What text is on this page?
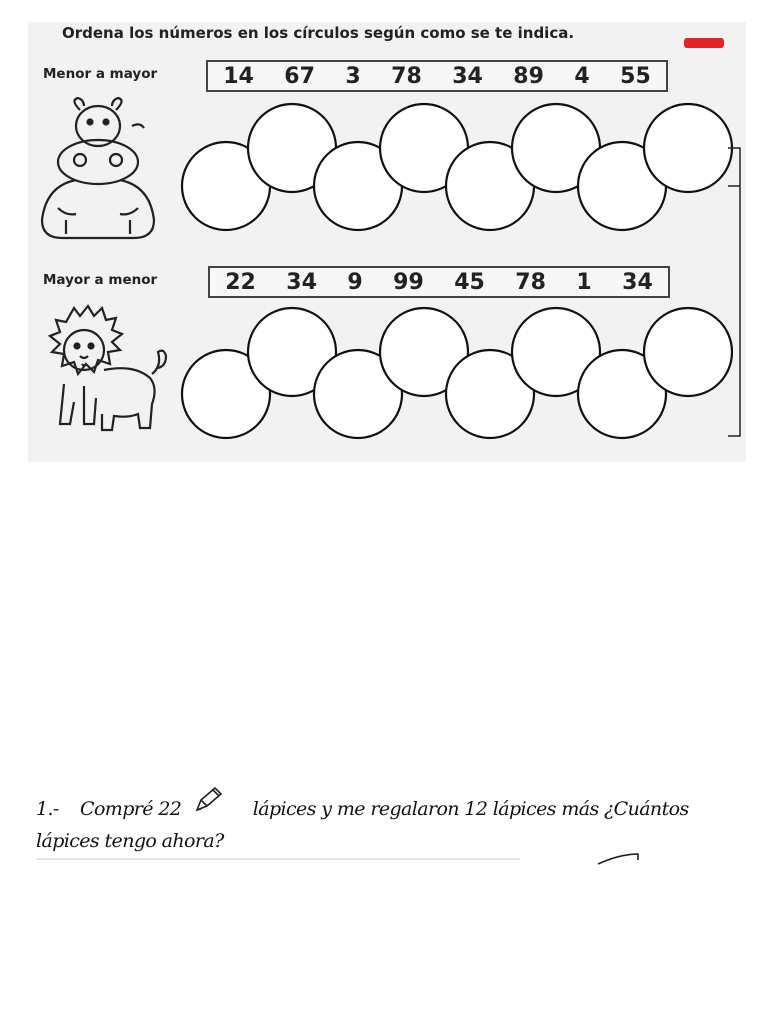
Ordena los números en los círculos según como se te indica.
Menor a mayor	14 67 3 78 34 89 4 55
Mayor a menor	22 34 9 99 45 78 1 34
1.- Compré 22	lápices y me regalaron 12 lápices más ¿Cuántos
lápices tengo ahora?
